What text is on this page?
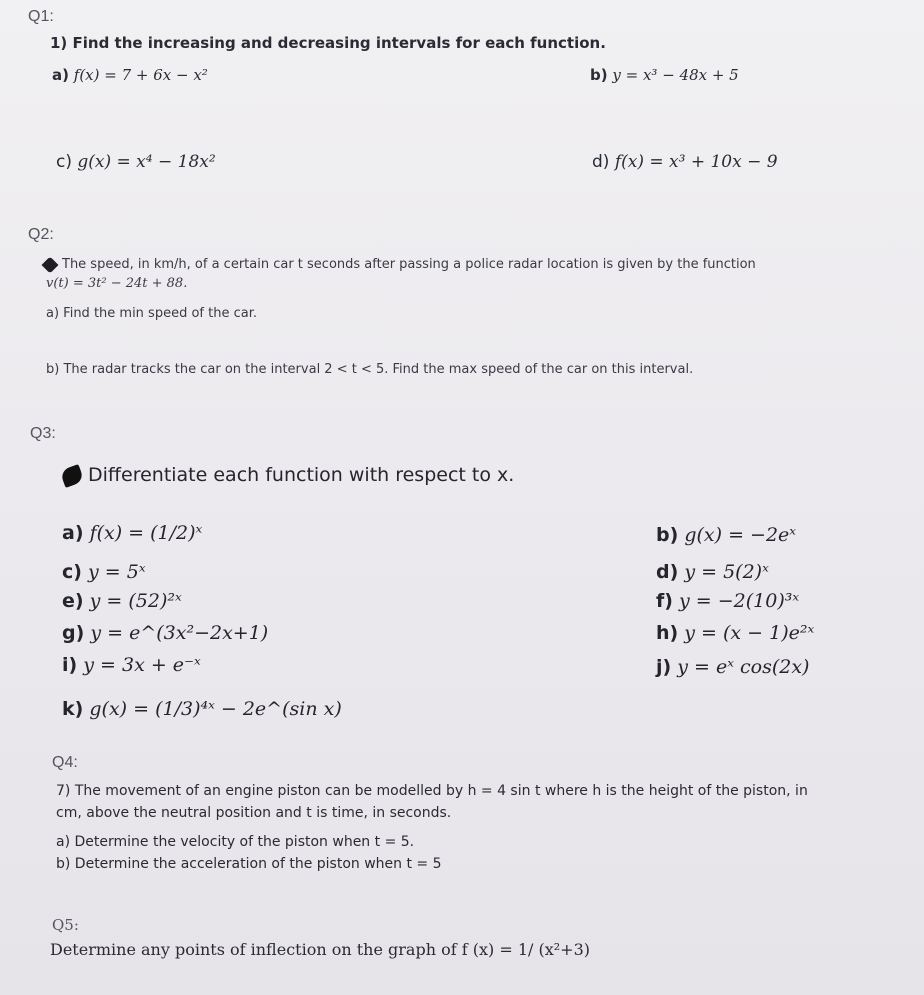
Q1:
1) Find the increasing and decreasing intervals for each function.
a) f(x) = 7 + 6x − x²	b) y = x³ − 48x + 5
c) g(x) = x⁴ − 18x²	d) f(x) = x³ + 10x − 9
Q2:
The speed, in km/h, of a certain car t seconds after passing a police radar location is given by the function
v(t) = 3t² − 24t + 88.
a) Find the min speed of the car.
b) The radar tracks the car on the interval 2 < t < 5. Find the max speed of the car on this interval.
Q3:
Differentiate each function with respect to x.
a) f(x) = (1/2)ˣ	b) g(x) = −2eˣ
c) y = 5ˣ	d) y = 5(2)ˣ
e) y = (52)²ˣ	f) y = −2(10)³ˣ
g) y = e^(3x²−2x+1)	h) y = (x − 1)e²ˣ
i) y = 3x + e⁻ˣ	j) y = eˣ cos(2x)
k) g(x) = (1/3)⁴ˣ − 2e^(sin x)
Q4:
7) The movement of an engine piston can be modelled by h = 4 sin t where h is the height of the piston, in
cm, above the neutral position and t is time, in seconds.
a) Determine the velocity of the piston when t = 5.
b) Determine the acceleration of the piston when t = 5
Q5:
Determine any points of inflection on the graph of f (x) = 1/ (x²+3)
